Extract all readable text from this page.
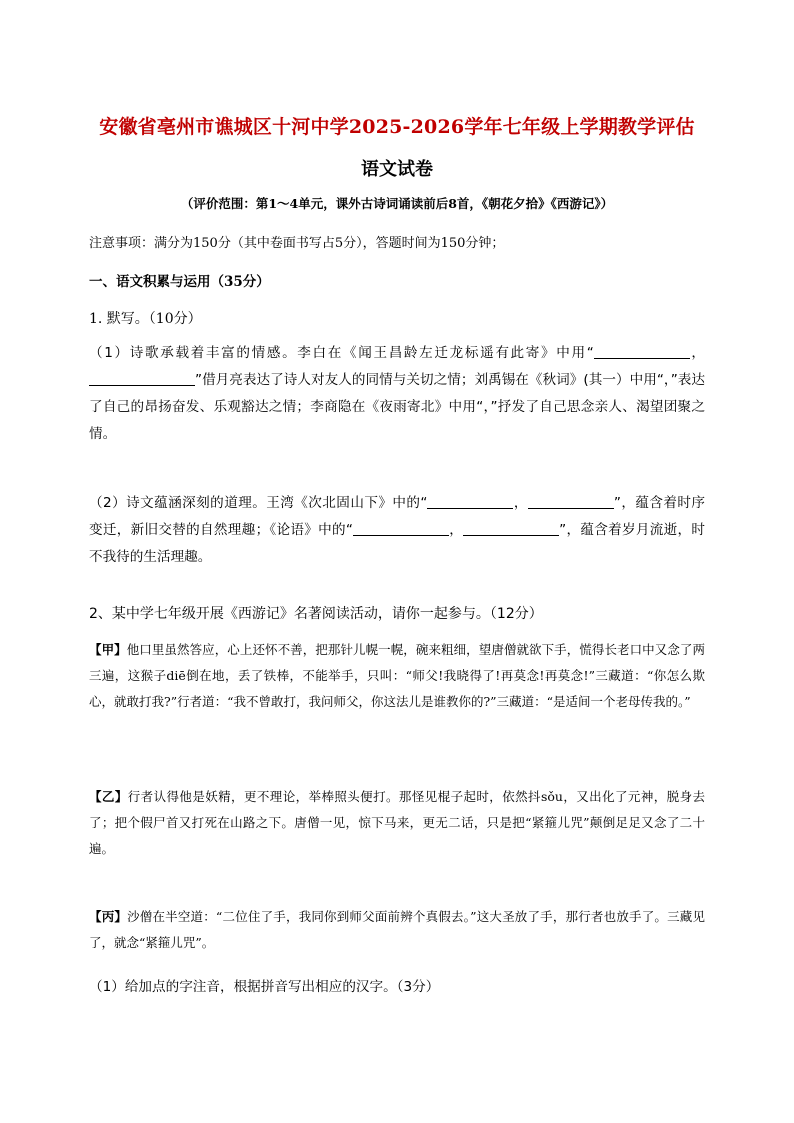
安徽省亳州市谯城区十河中学2025-2026学年七年级上学期教学评估
语文试卷
（评价范围：第1～4单元，课外古诗词诵读前后8首，《朝花夕拾》《西游记》）
注意事项：满分为150分（其中卷面书写占5分），答题时间为150分钟；
一、语文积累与运用（35分）
1. 默写。（10分）
（1）诗歌承载着丰富的情感。李白在《闻王昌龄左迁龙标遥有此寄》中用“	，”借月亮表达了诗人对友人的同情与关切之情；刘禹锡在《秋词》(其一）中用“，”表达了自己的昂扬奋发、乐观豁达之情；李商隐在《夜雨寄北》中用“，”抒发了自己思念亲人、渴望团聚之情。
（2）诗文蕴涵深刻的道理。王湾《次北固山下》中的“	，	”，蕴含着时序变迁，新旧交替的自然理趣；《论语》中的“	，	”，蕴含着岁月流逝，时不我待的生活理趣。
2、某中学七年级开展《西游记》名著阅读活动，请你一起参与。（12分）
【甲】他口里虽然答应，心上还怀不善，把那针儿幌一幌，碗来粗细，望唐僧就欲下手，慌得长老口中又念了两三遍，这猴子diē倒在地，丢了铁棒，不能举手，只叫：“师父!我晓得了!再莫念!再莫念!”三藏道：“你怎么欺心，就敢打我?”行者道：“我不曾敢打，我问师父，你这法儿是谁教你的?”三藏道：“是适间一个老母传我的。”
【乙】行者认得他是妖精，更不理论，举棒照头便打。那怪见棍子起时，依然抖sǒu，又出化了元神，脱身去了；把个假尸首又打死在山路之下。唐僧一见，惊下马来，更无二话，只是把“紧箍儿咒”颠倒足足又念了二十遍。
【丙】沙僧在半空道：“二位住了手，我同你到师父面前辨个真假去。”这大圣放了手，那行者也放手了。三藏见了，就念“紧箍儿咒”。
（1）给加点的字注音，根据拼音写出相应的汉字。（3分）
